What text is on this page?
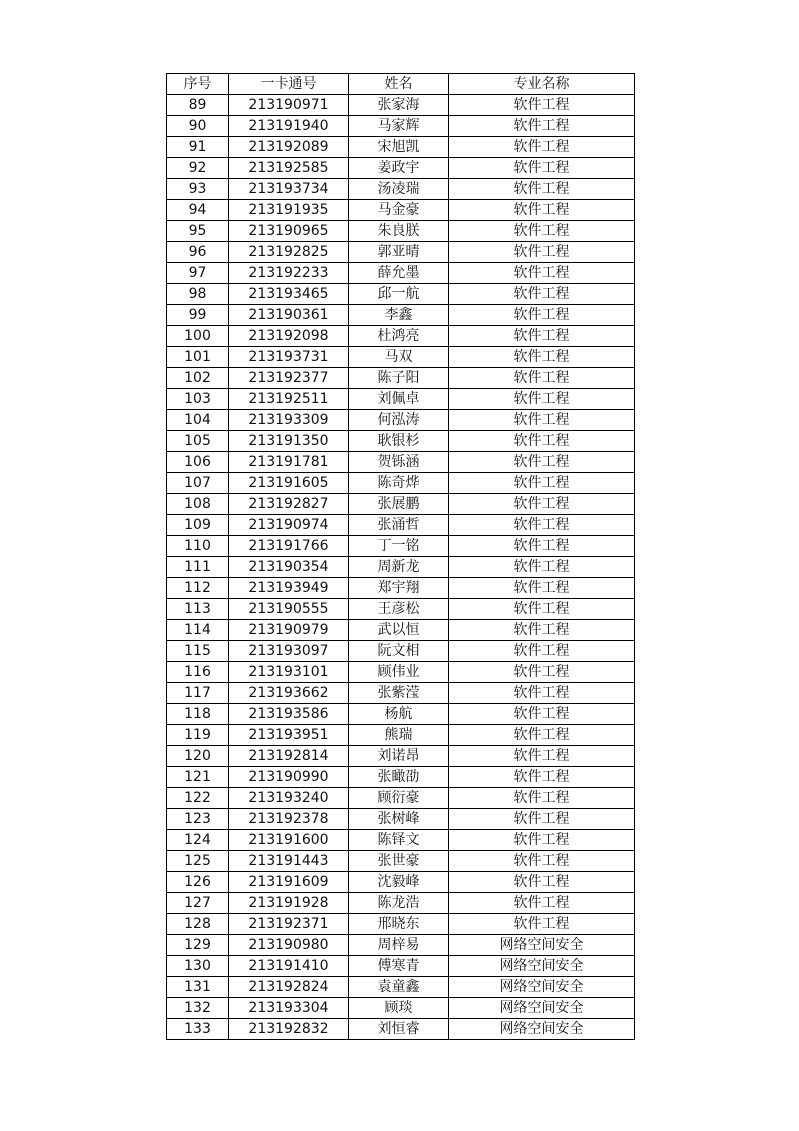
序号	一卡通号	姓名	专业名称
89	213190971	张家海	软件工程
90	213191940	马家辉	软件工程
91	213192089	宋旭凯	软件工程
92	213192585	姜政宇	软件工程
93	213193734	汤凌瑞	软件工程
94	213191935	马金豪	软件工程
95	213190965	朱良朕	软件工程
96	213192825	郭亚晴	软件工程
97	213192233	薛允墨	软件工程
98	213193465	邱一航	软件工程
99	213190361	李鑫	软件工程
100	213192098	杜鸿亮	软件工程
101	213193731	马双	软件工程
102	213192377	陈子阳	软件工程
103	213192511	刘佩卓	软件工程
104	213193309	何泓涛	软件工程
105	213191350	耿银杉	软件工程
106	213191781	贺铄涵	软件工程
107	213191605	陈奇烨	软件工程
108	213192827	张展鹏	软件工程
109	213190974	张涌哲	软件工程
110	213191766	丁一铭	软件工程
111	213190354	周新龙	软件工程
112	213193949	郑宇翔	软件工程
113	213190555	王彦松	软件工程
114	213190979	武以恒	软件工程
115	213193097	阮文相	软件工程
116	213193101	顾伟业	软件工程
117	213193662	张紫滢	软件工程
118	213193586	杨航	软件工程
119	213193951	熊瑞	软件工程
120	213192814	刘诺昂	软件工程
121	213190990	张瞰劭	软件工程
122	213193240	顾衍豪	软件工程
123	213192378	张树峰	软件工程
124	213191600	陈铎文	软件工程
125	213191443	张世豪	软件工程
126	213191609	沈毅峰	软件工程
127	213191928	陈龙浩	软件工程
128	213192371	邢晓东	软件工程
129	213190980	周梓易	网络空间安全
130	213191410	傅寒青	网络空间安全
131	213192824	袁童鑫	网络空间安全
132	213193304	顾琰	网络空间安全
133	213192832	刘恒睿	网络空间安全
